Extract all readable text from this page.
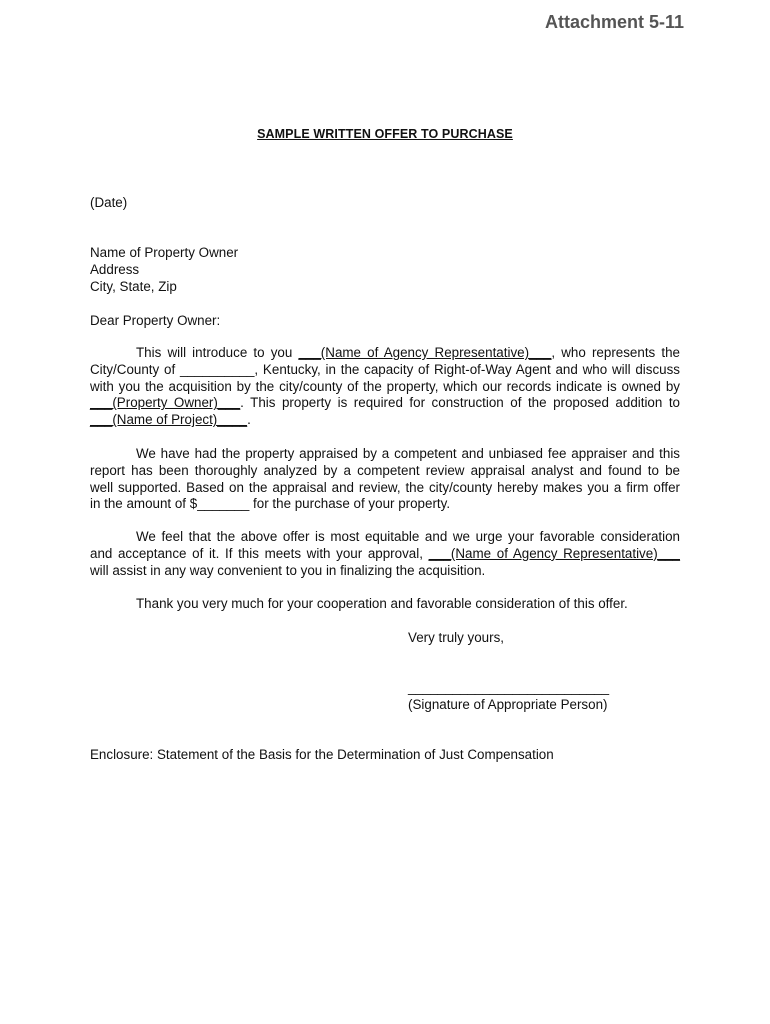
Attachment 5-11
SAMPLE WRITTEN OFFER TO PURCHASE
(Date)
Name of Property Owner
Address
City, State, Zip
Dear Property Owner:
This will introduce to you ___(Name of Agency Representative)___, who represents the
City/County of __________, Kentucky, in the capacity of Right-of-Way Agent and who will discuss
with you the acquisition by the city/county of the property, which our records indicate is owned by
___(Property Owner)___. This property is required for construction of the proposed addition to
___(Name of Project)____.
We have had the property appraised by a competent and unbiased fee appraiser and this
report has been thoroughly analyzed by a competent review appraisal analyst and found to be
well supported. Based on the appraisal and review, the city/county hereby makes you a firm offer
in the amount of $_______ for the purchase of your property.
We feel that the above offer is most equitable and we urge your favorable consideration
and acceptance of it. If this meets with your approval, ___(Name of Agency Representative)___
will assist in any way convenient to you in finalizing the acquisition.
Thank you very much for your cooperation and favorable consideration of this offer.
Very truly yours,
___________________________
(Signature of Appropriate Person)
Enclosure: Statement of the Basis for the Determination of Just Compensation
